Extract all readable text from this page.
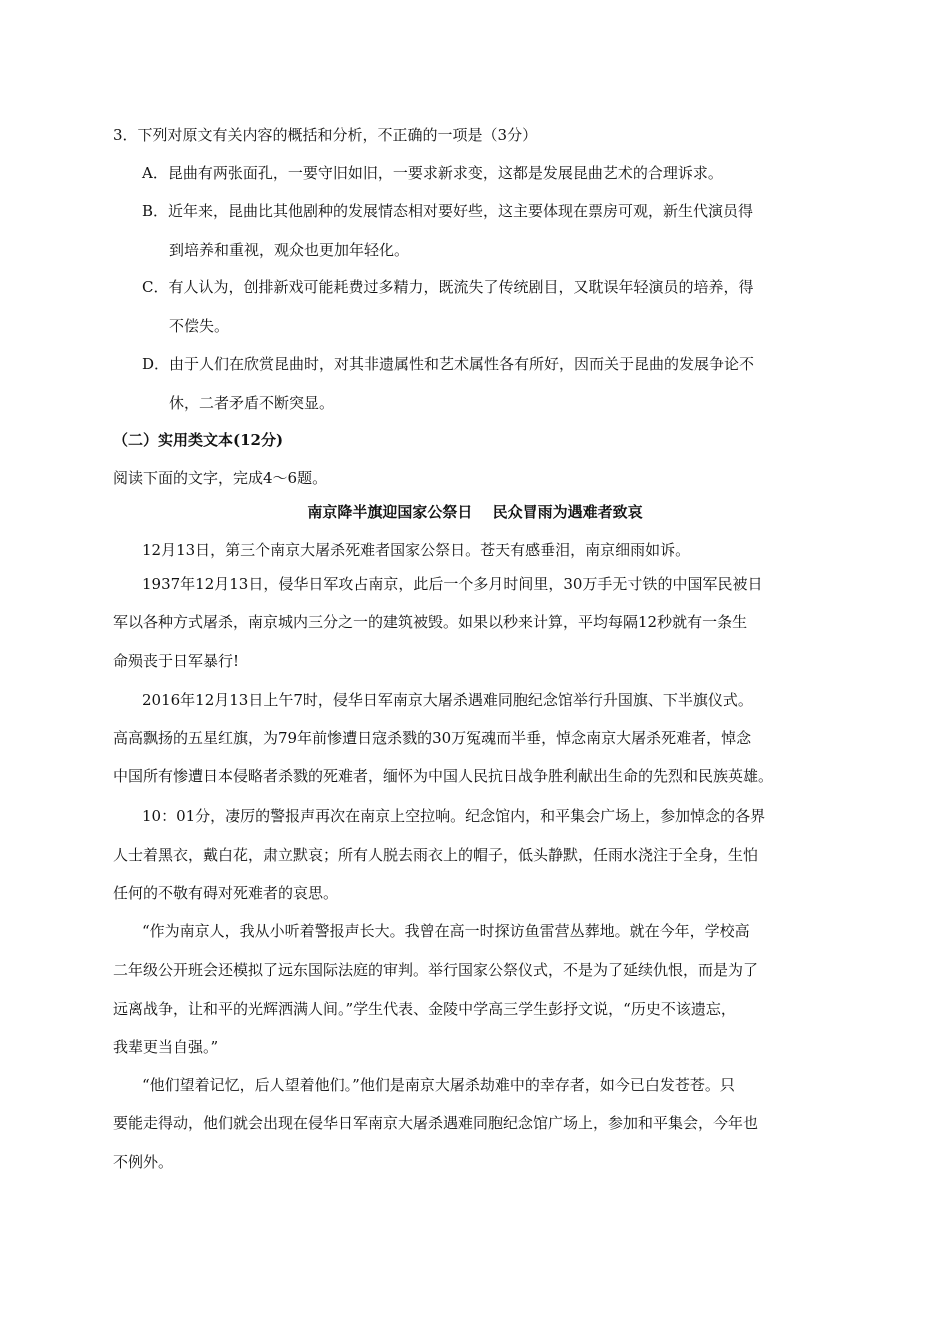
3．下列对原文有关内容的概括和分析，不正确的一项是（3分）
A．昆曲有两张面孔，一要守旧如旧，一要求新求变，这都是发展昆曲艺术的合理诉求。
B．近年来，昆曲比其他剧种的发展情态相对要好些，这主要体现在票房可观，新生代演员得
到培养和重视，观众也更加年轻化。
C．有人认为，创排新戏可能耗费过多精力，既流失了传统剧目，又耽误年轻演员的培养，得
不偿失。
D．由于人们在欣赏昆曲时，对其非遗属性和艺术属性各有所好，因而关于昆曲的发展争论不
休，二者矛盾不断突显。
（二）实用类文本(12分)
阅读下面的文字，完成4～6题。
南京降半旗迎国家公祭日　 民众冒雨为遇难者致哀
12月13日，第三个南京大屠杀死难者国家公祭日。苍天有感垂泪，南京细雨如诉。
1937年12月13日，侵华日军攻占南京，此后一个多月时间里，30万手无寸铁的中国军民被日
军以各种方式屠杀，南京城内三分之一的建筑被毁。如果以秒来计算，平均每隔12秒就有一条生
命殒丧于日军暴行!
2016年12月13日上午7时，侵华日军南京大屠杀遇难同胞纪念馆举行升国旗、下半旗仪式。
高高飘扬的五星红旗，为79年前惨遭日寇杀戮的30万冤魂而半垂，悼念南京大屠杀死难者，悼念
中国所有惨遭日本侵略者杀戮的死难者，缅怀为中国人民抗日战争胜利献出生命的先烈和民族英雄。
10：01分，凄厉的警报声再次在南京上空拉响。纪念馆内，和平集会广场上，参加悼念的各界
人士着黑衣，戴白花，肃立默哀；所有人脱去雨衣上的帽子，低头静默，任雨水浇注于全身，生怕
任何的不敬有碍对死难者的哀思。
“作为南京人，我从小听着警报声长大。我曾在高一时探访鱼雷营丛葬地。就在今年，学校高
二年级公开班会还模拟了远东国际法庭的审判。举行国家公祭仪式，不是为了延续仇恨，而是为了
远离战争，让和平的光辉洒满人间。”学生代表、金陵中学高三学生彭抒文说，“历史不该遗忘，
我辈更当自强。”
“他们望着记忆，后人望着他们。”他们是南京大屠杀劫难中的幸存者，如今已白发苍苍。只
要能走得动，他们就会出现在侵华日军南京大屠杀遇难同胞纪念馆广场上，参加和平集会，今年也
不例外。
